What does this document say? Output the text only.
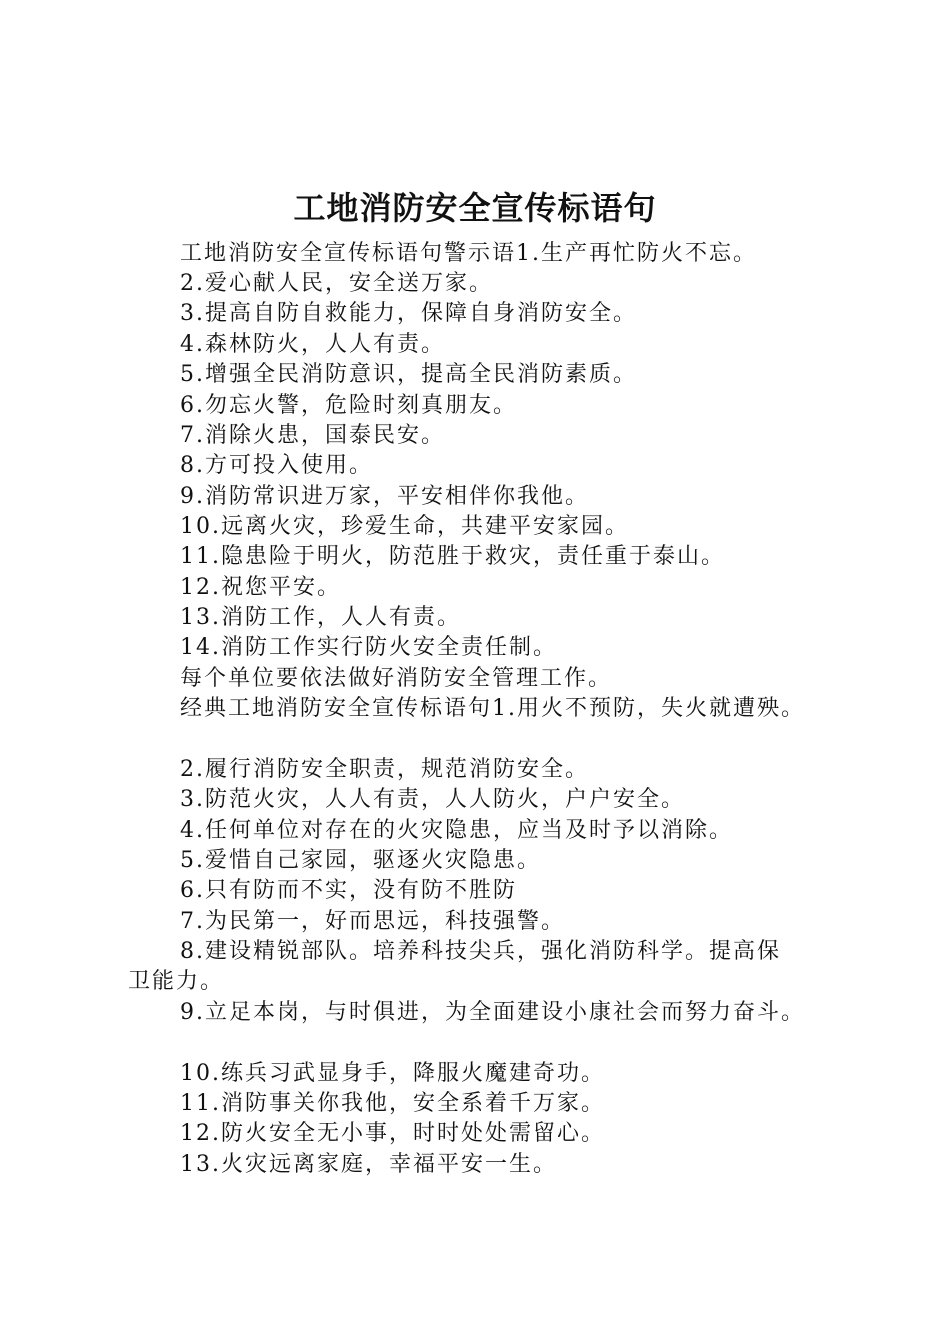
工地消防安全宣传标语句

工地消防安全宣传标语句警示语1.生产再忙防火不忘。

2.爱心献人民，安全送万家。

3.提高自防自救能力，保障自身消防安全。

4.森林防火，人人有责。

5.增强全民消防意识，提高全民消防素质。

6.勿忘火警，危险时刻真朋友。

7.消除火患，国泰民安。

8.方可投入使用。

9.消防常识进万家，平安相伴你我他。

10.远离火灾，珍爱生命，共建平安家园。

11.隐患险于明火，防范胜于救灾，责任重于泰山。

12.祝您平安。

13.消防工作，人人有责。

14.消防工作实行防火安全责任制。

每个单位要依法做好消防安全管理工作。

经典工地消防安全宣传标语句1.用火不预防，失火就遭殃。

2.履行消防安全职责，规范消防安全。

3.防范火灾，人人有责，人人防火，户户安全。

4.任何单位对存在的火灾隐患，应当及时予以消除。

5.爱惜自己家园，驱逐火灾隐患。

6.只有防而不实，没有防不胜防

7.为民第一，好而思远，科技强警。

8.建设精锐部队。培养科技尖兵，强化消防科学。提高保

卫能力。

9.立足本岗，与时俱进，为全面建设小康社会而努力奋斗。

10.练兵习武显身手，降服火魔建奇功。

11.消防事关你我他，安全系着千万家。

12.防火安全无小事，时时处处需留心。

13.火灾远离家庭，幸福平安一生。
